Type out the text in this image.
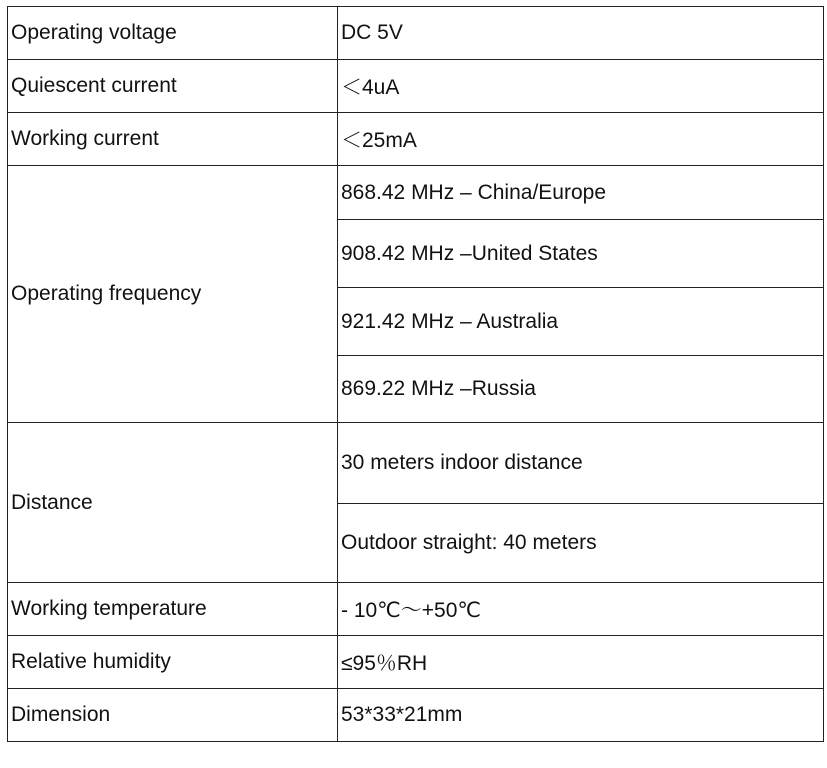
Operating voltage	DC 5V
Quiescent current	＜4uA
Working current	＜25mA
Operating frequency	868.42 MHz – China/Europe
	908.42 MHz –United States
	921.42 MHz – Australia
	869.22 MHz –Russia
Distance	30 meters indoor distance
	Outdoor straight: 40 meters
Working temperature	- 10℃～+50℃
Relative humidity	≤95％RH
Dimension	53*33*21mm
